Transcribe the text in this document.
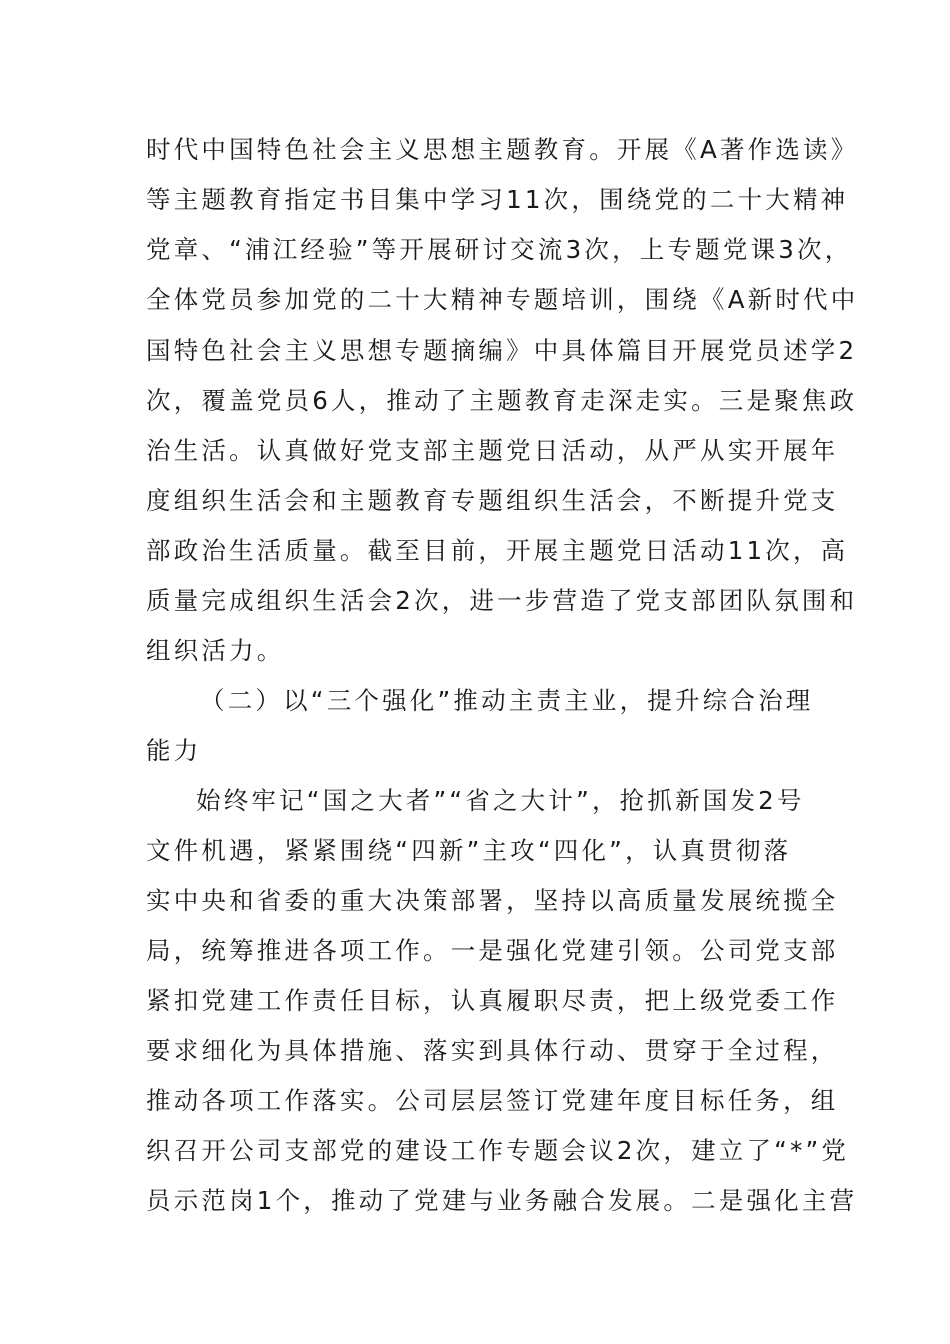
时代中国特色社会主义思想主题教育。开展《A著作选读》
等主题教育指定书目集中学习11次，围绕党的二十大精神
党章、“浦江经验”等开展研讨交流3次，上专题党课3次，
全体党员参加党的二十大精神专题培训，围绕《A新时代中
国特色社会主义思想专题摘编》中具体篇目开展党员述学2
次，覆盖党员6人，推动了主题教育走深走实。三是聚焦政
治生活。认真做好党支部主题党日活动，从严从实开展年
度组织生活会和主题教育专题组织生活会，不断提升党支
部政治生活质量。截至目前，开展主题党日活动11次，高
质量完成组织生活会2次，进一步营造了党支部团队氛围和
组织活力。
（二）以“三个强化”推动主责主业，提升综合治理
能力
始终牢记“国之大者”“省之大计”，抢抓新国发2号
文件机遇，紧紧围绕“四新”主攻“四化”，认真贯彻落
实中央和省委的重大决策部署，坚持以高质量发展统揽全
局，统筹推进各项工作。一是强化党建引领。公司党支部
紧扣党建工作责任目标，认真履职尽责，把上级党委工作
要求细化为具体措施、落实到具体行动、贯穿于全过程，
推动各项工作落实。公司层层签订党建年度目标任务，组
织召开公司支部党的建设工作专题会议2次，建立了“*”党
员示范岗1个，推动了党建与业务融合发展。二是强化主营
